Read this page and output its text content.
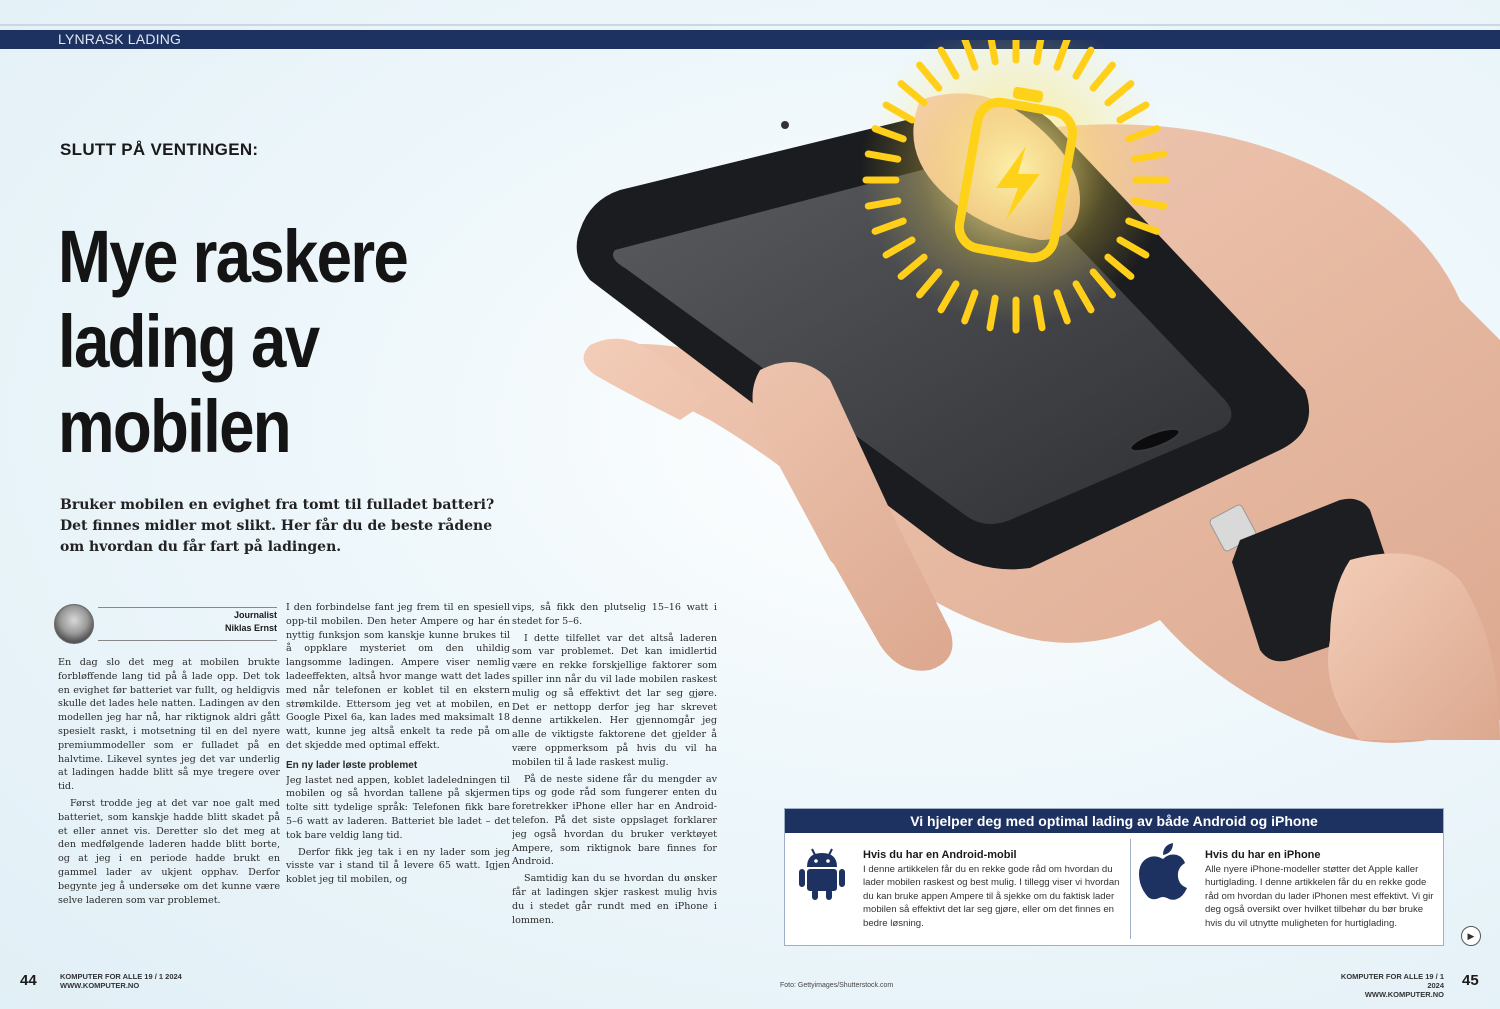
LYNRASK LADING
SLUTT PÅ VENTINGEN:
Mye raskere
lading av
mobilen

Bruker mobilen en evighet fra tomt til fulladet batteri? Det finnes midler mot slikt. Her får du de beste rådene om hvordan du får fart på ladingen.

Journalist
Niklas Ernst

En dag slo det meg at mobilen brukte forbløffende lang tid på å lade opp. Det tok en evighet før batteriet var fullt, og heldigvis skulle det lades hele natten. Ladingen av den modellen jeg har nå, har riktignok aldri gått spesielt raskt, i motsetning til en del nyere premiummodeller som er fulladet på en halvtime. Likevel syntes jeg det var underlig at ladingen hadde blitt så mye tregere over tid.

Først trodde jeg at det var noe galt med batteriet, som kanskje hadde blitt skadet på et eller annet vis. Deretter slo det meg at den medfølgende laderen hadde blitt borte, og at jeg i en periode hadde brukt en gammel lader av ukjent opphav. Derfor begynte jeg å undersøke om det kunne være selve laderen som var problemet.

I den forbindelse fant jeg frem til en spesiell opp-til mobilen. Den heter Ampere og har én nyttig funksjon som kanskje kunne brukes til å oppklare mysteriet om den uhildig langsomme ladingen. Ampere viser nemlig ladeeffekten, altså hvor mange watt det lades med når telefonen er koblet til en ekstern strømkilde. Ettersom jeg vet at mobilen, en Google Pixel 6a, kan lades med maksimalt 18 watt, kunne jeg altså enkelt ta rede på om det skjedde med optimal effekt.

En ny lader løste problemet

Jeg lastet ned appen, koblet ladeledningen til mobilen og så hvordan tallene på skjermen tolte sitt tydelige språk: Telefonen fikk bare 5–6 watt av laderen. Batteriet ble ladet – det tok bare veldig lang tid.

Derfor fikk jeg tak i en ny lader som jeg visste var i stand til å levere 65 watt. Igjen koblet jeg til mobilen, og

vips, så fikk den plutselig 15–16 watt i stedet for 5–6.

I dette tilfellet var det altså laderen som var problemet. Det kan imidlertid være en rekke forskjellige faktorer som spiller inn når du vil lade mobilen raskest mulig og så effektivt det lar seg gjøre. Det er nettopp derfor jeg har skrevet denne artikkelen. Her gjennomgår jeg alle de viktigste faktorene det gjelder å være oppmerksom på hvis du vil ha mobilen til å lade raskest mulig.

På de neste sidene får du mengder av tips og gode råd som fungerer enten du foretrekker iPhone eller har en Android-telefon. På det siste oppslaget forklarer jeg også hvordan du bruker verktøyet Ampere, som riktignok bare finnes for Android.

Samtidig kan du se hvordan du ønsker får at ladingen skjer raskest mulig hvis du i stedet går rundt med en iPhone i lommen.

Vi hjelper deg med optimal lading av både Android og iPhone
Hvis du har en Android-mobil
I denne artikkelen får du en rekke gode råd om hvordan du lader mobilen raskest og best mulig. I tillegg viser vi hvordan du kan bruke appen Ampere til å sjekke om du faktisk lader mobilen så effektivt det lar seg gjøre, eller om det finnes en bedre løsning.
Hvis du har en iPhone
Alle nyere iPhone-modeller støtter det Apple kaller hurtiglading. I denne artikkelen får du en rekke gode råd om hvordan du lader iPhonen mest effektivt. Vi gir deg også oversikt over hvilket tilbehør du bør bruke hvis du vil utnytte muligheten for hurtiglading.
▶
44	KOMPUTER FOR ALLE 19 / 1 2024
WWW.KOMPUTER.NO	Foto: Gettyimages/Shutterstock.com
KOMPUTER FOR ALLE 19 / 1 2024
WWW.KOMPUTER.NO
45
